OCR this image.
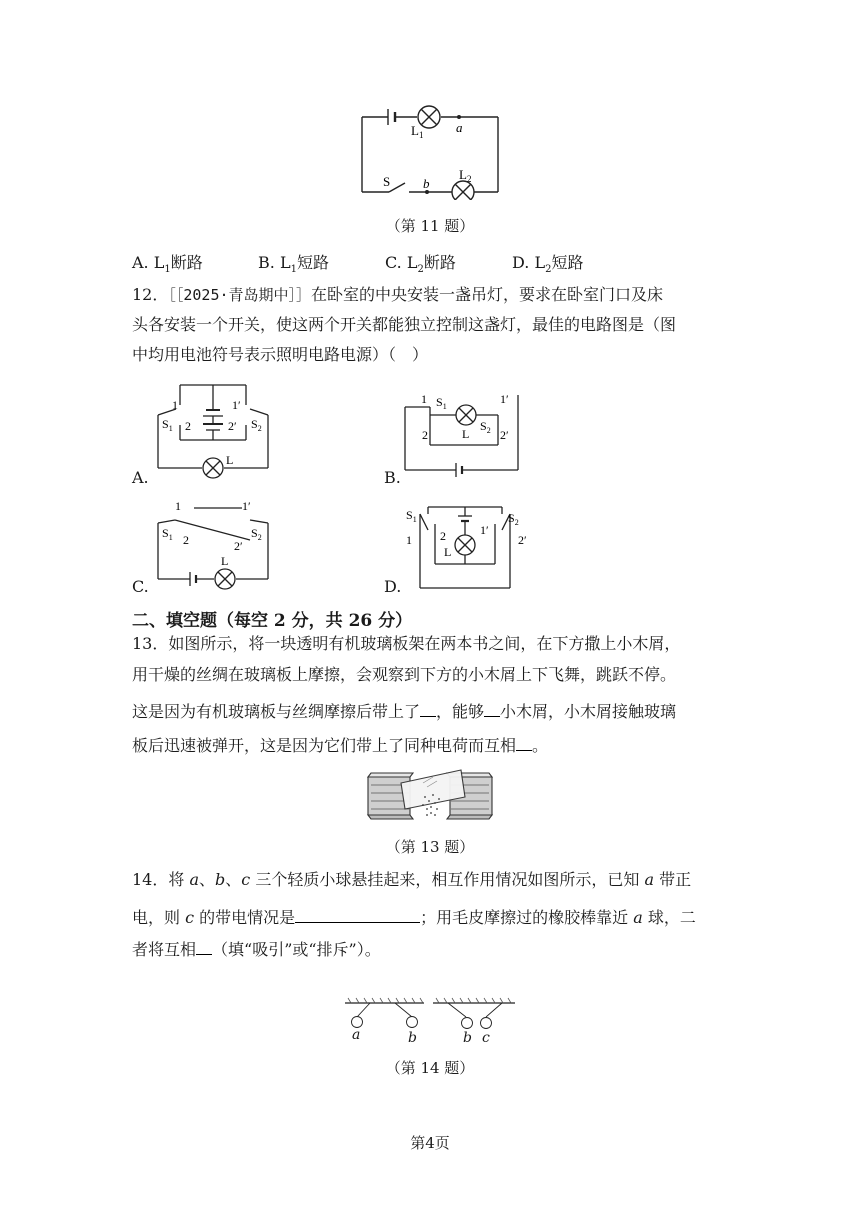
$L_1$	a
$L_2$
S	b
（第 11 题）
A. $L_1$断路	B. $L_1$短路	C. $L_2$断路	D. $L_2$短路
12．［［2025·青岛期中］］在卧室的中央安装一盏吊灯，要求在卧室门口及床
头各安装一个开关，使这两个开关都能独立控制这盏灯，最佳的电路图是（图
中均用电池符号表示照明电路电源）（　）
1	1′
2	2′
$S_1$	$S_2$
L
A.
1	1′
2	2′
$S_1$
$S_2$
L
B.
1	1′
2	2′
$S_1$	$S_2$
L
C.
$S_1$	$S_2$
1
1′
2	2′
L
D.
二、填空题（每空 2 分，共 26 分）
13．如图所示，将一块透明有机玻璃板架在两本书之间，在下方撒上小木屑，
用干燥的丝绸在玻璃板上摩擦，会观察到下方的小木屑上下飞舞，跳跃不停。
这是因为有机玻璃板与丝绸摩擦后带上了 ，能够 小木屑，小木屑接触玻璃
板后迅速被弹开，这是因为它们带上了同种电荷而互相 。
（第 13 题）
14．将 a、b、c 三个轻质小球悬挂起来，相互作用情况如图所示，已知 a 带正
电，则 c 的带电情况是	；用毛皮摩擦过的橡胶棒靠近 a 球，二
者将互相 （填“吸引”或“排斥”）。
a	b	b c
（第 14 题）
第4页
